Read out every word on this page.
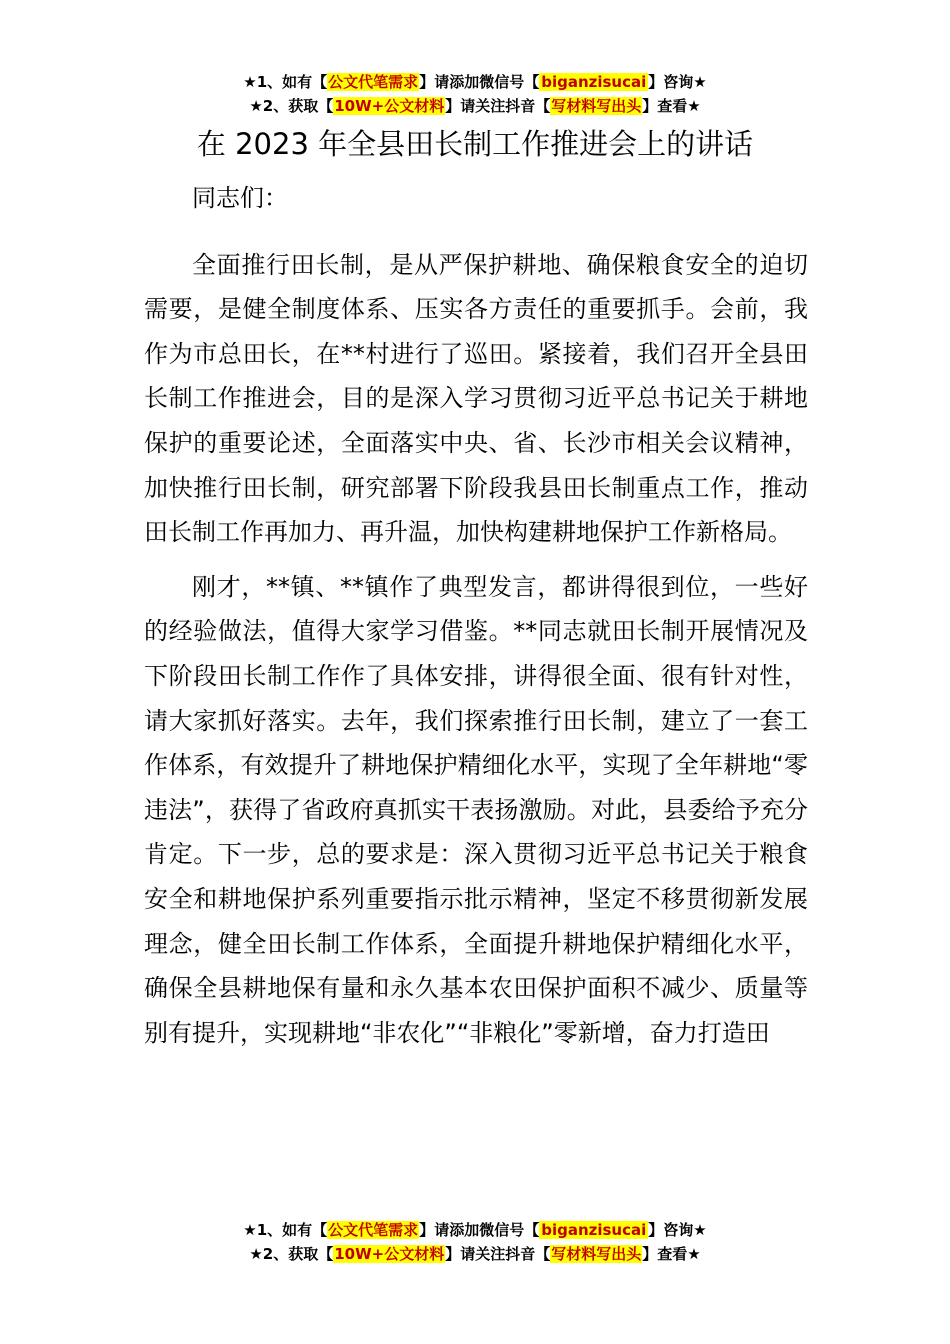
★1、如有【公文代笔需求】请添加微信号【 biganzisucai 】咨询★
★2、获取【10W+公文材料】请关注抖音【写材料写出头】查看★
在 2023 年全县田长制工作推进会上的讲话

同志们：

全面推行田长制，是从严保护耕地、确保粮食安全的迫切需要，是健全制度体系、压实各方责任的重要抓手。会前，我作为市总田长，在**村进行了巡田。紧接着，我们召开全县田长制工作推进会，目的是深入学习贯彻习近平总书记关于耕地保护的重要论述，全面落实中央、省、长沙市相关会议精神，加快推行田长制，研究部署下阶段我县田长制重点工作，推动田长制工作再加力、再升温，加快构建耕地保护工作新格局。

刚才，**镇、**镇作了典型发言，都讲得很到位，一些好的经验做法，值得大家学习借鉴。**同志就田长制开展情况及下阶段田长制工作作了具体安排，讲得很全面、很有针对性，请大家抓好落实。去年，我们探索推行田长制，建立了一套工作体系，有效提升了耕地保护精细化水平，实现了全年耕地“零违法”，获得了省政府真抓实干表扬激励。对此，县委给予充分肯定。下一步，总的要求是：深入贯彻习近平总书记关于粮食安全和耕地保护系列重要指示批示精神，坚定不移贯彻新发展理念，健全田长制工作体系，全面提升耕地保护精细化水平，确保全县耕地保有量和永久基本农田保护面积不减少、质量等别有提升，实现耕地“非农化”“非粮化”零新增，奋力打造田

★1、如有【公文代笔需求】请添加微信号【 biganzisucai 】咨询★
★2、获取【10W+公文材料】请关注抖音【写材料写出头】查看★
